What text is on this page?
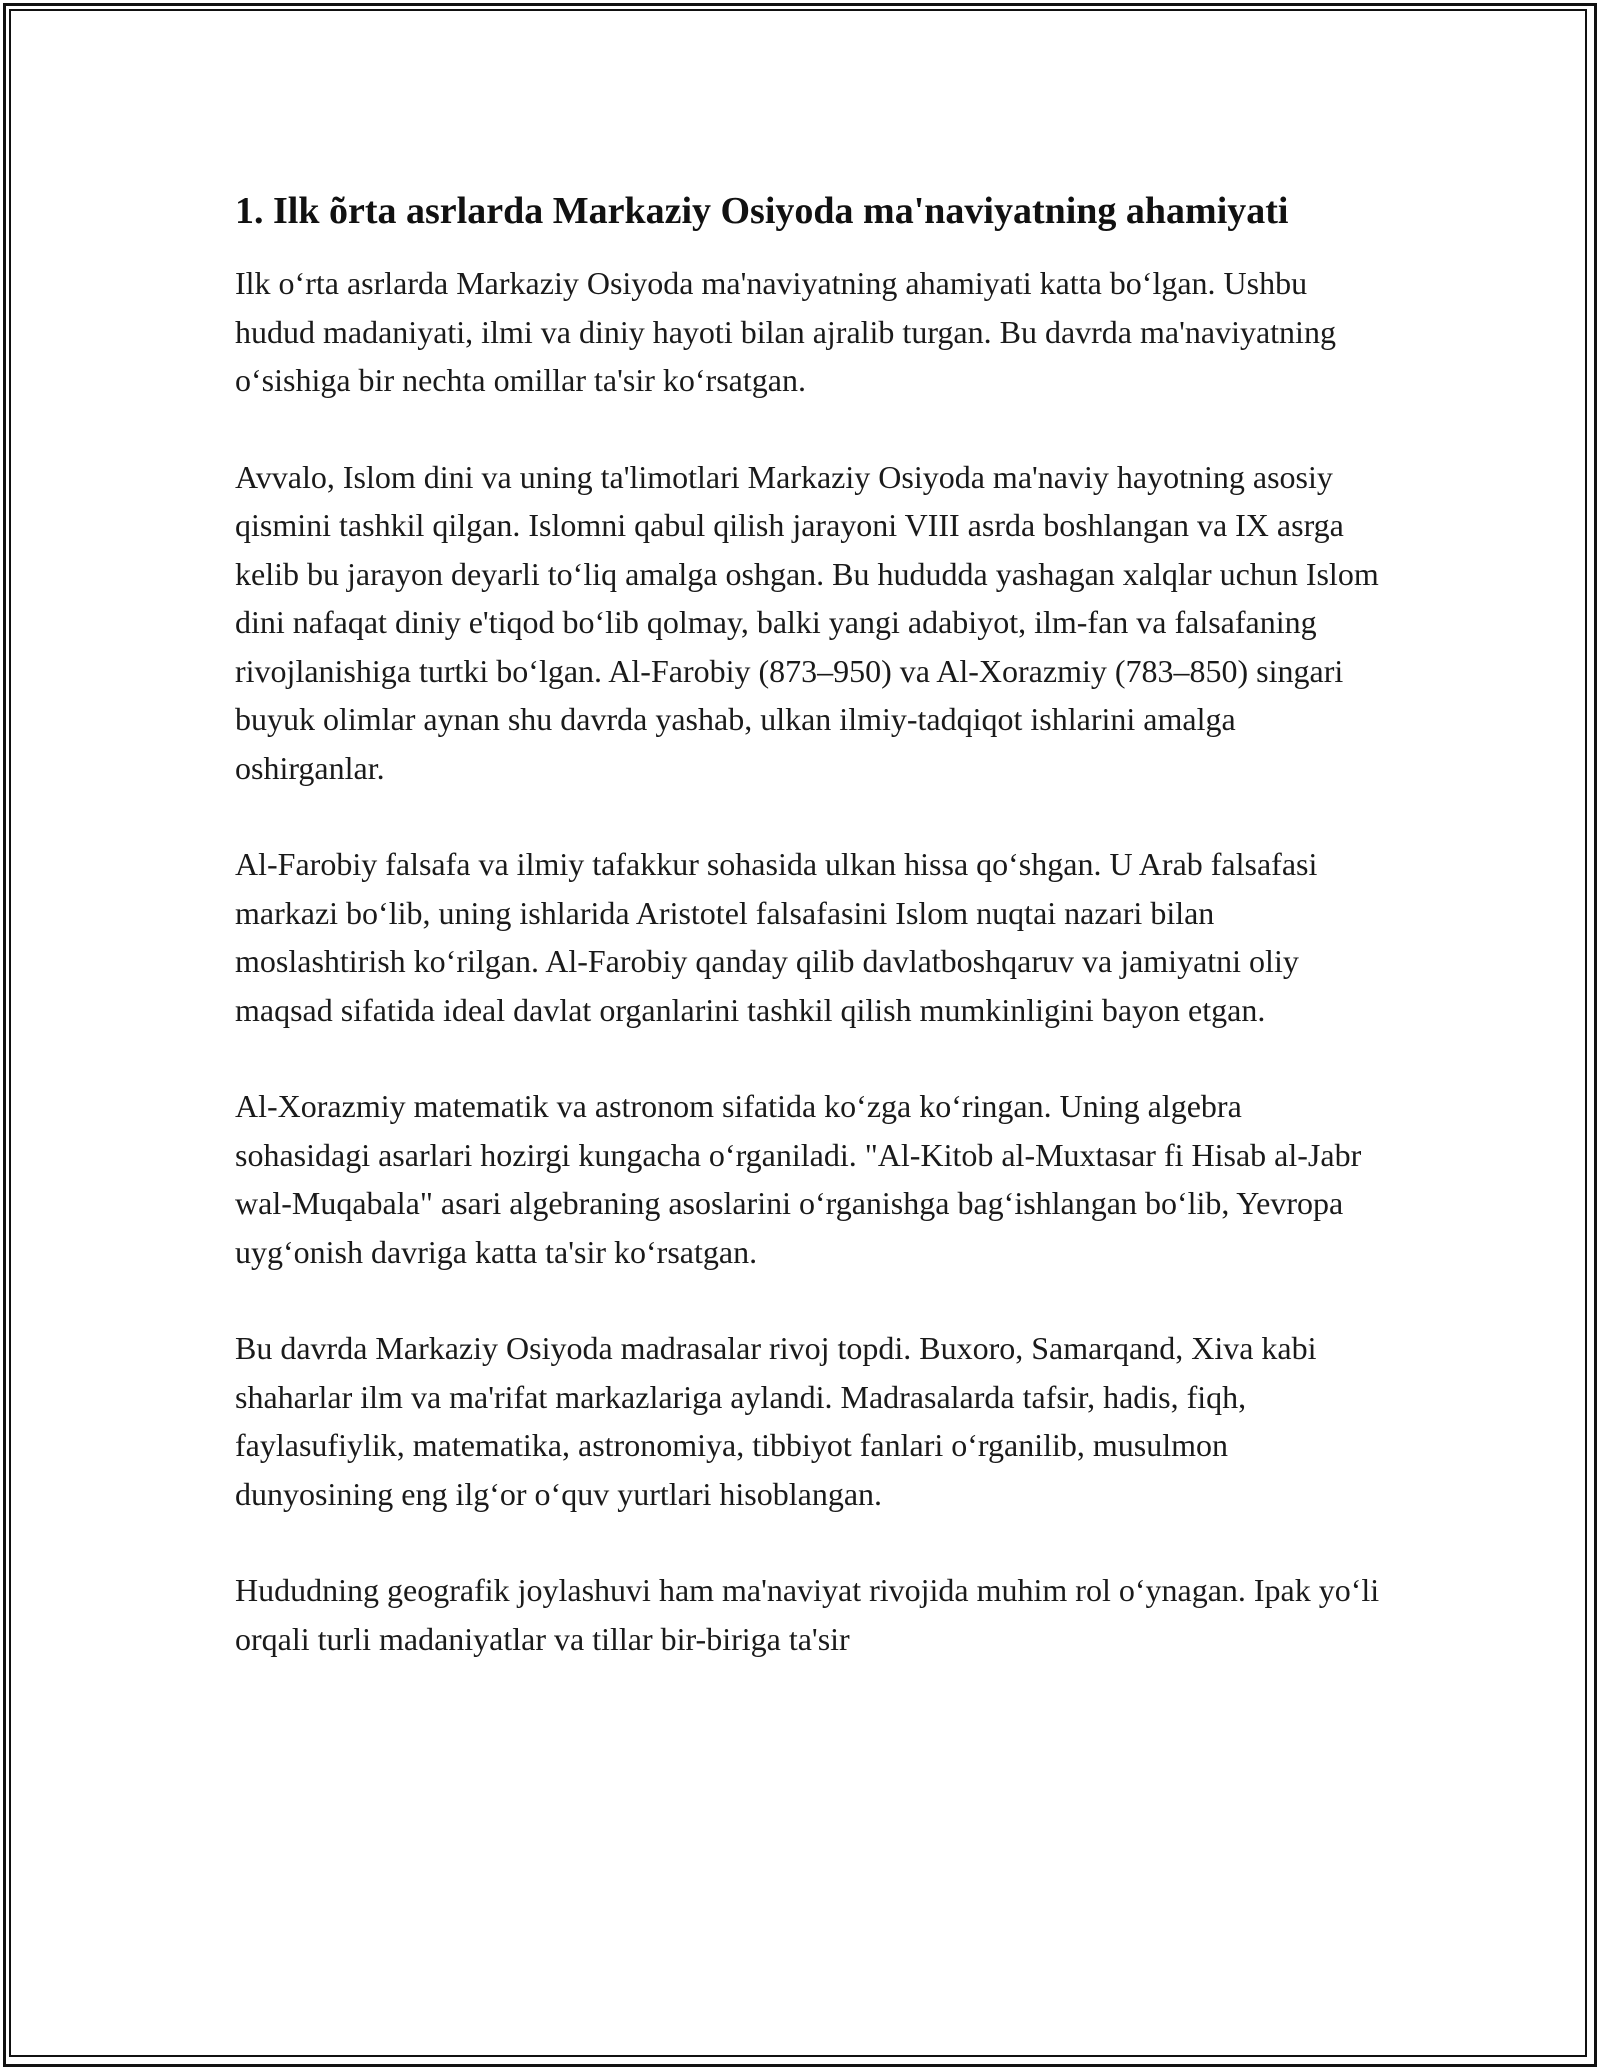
1. Ilk õrta asrlarda Markaziy Osiyoda ma'naviyatning ahamiyati

Ilk o‘rta asrlarda Markaziy Osiyoda ma'naviyatning ahamiyati katta bo‘lgan. Ushbu hudud madaniyati, ilmi va diniy hayoti bilan ajralib turgan. Bu davrda ma'naviyatning o‘sishiga bir nechta omillar ta'sir ko‘rsatgan.

Avvalo, Islom dini va uning ta'limotlari Markaziy Osiyoda ma'naviy hayotning asosiy qismini tashkil qilgan. Islomni qabul qilish jarayoni VIII asrda boshlangan va IX asrga kelib bu jarayon deyarli to‘liq amalga oshgan. Bu hududda yashagan xalqlar uchun Islom dini nafaqat diniy e'tiqod bo‘lib qolmay, balki yangi adabiyot, ilm-fan va falsafaning rivojlanishiga turtki bo‘lgan. Al-Farobiy (873–950) va Al-Xorazmiy (783–850) singari buyuk olimlar aynan shu davrda yashab, ulkan ilmiy-tadqiqot ishlarini amalga oshirganlar.

Al-Farobiy falsafa va ilmiy tafakkur sohasida ulkan hissa qo‘shgan. U Arab falsafasi markazi bo‘lib, uning ishlarida Aristotel falsafasini Islom nuqtai nazari bilan moslashtirish ko‘rilgan. Al-Farobiy qanday qilib davlatboshqaruv va jamiyatni oliy maqsad sifatida ideal davlat organlarini tashkil qilish mumkinligini bayon etgan.

Al-Xorazmiy matematik va astronom sifatida ko‘zga ko‘ringan. Uning algebra sohasidagi asarlari hozirgi kungacha o‘rganiladi. "Al-Kitob al-Muxtasar fi Hisab al-Jabr wal-Muqabala" asari algebraning asoslarini o‘rganishga bag‘ishlangan bo‘lib, Yevropa uyg‘onish davriga katta ta'sir ko‘rsatgan.

Bu davrda Markaziy Osiyoda madrasalar rivoj topdi. Buxoro, Samarqand, Xiva kabi shaharlar ilm va ma'rifat markazlariga aylandi. Madrasalarda tafsir, hadis, fiqh, faylasufiylik, matematika, astronomiya, tibbiyot fanlari o‘rganilib, musulmon dunyosining eng ilg‘or o‘quv yurtlari hisoblangan.

Hududning geografik joylashuvi ham ma'naviyat rivojida muhim rol o‘ynagan. Ipak yo‘li orqali turli madaniyatlar va tillar bir-biriga ta'sir
